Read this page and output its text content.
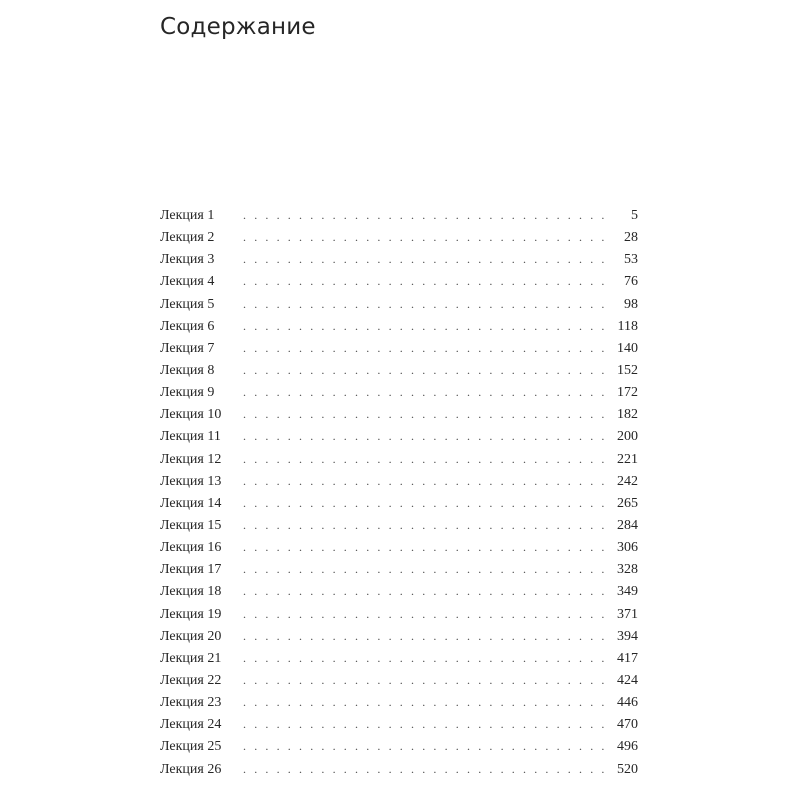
Содержание
Лекция 1 . . .	5
Лекция 2 . . .	28
Лекция 3 . . .	53
Лекция 4 . . .	76
Лекция 5 . . .	98
Лекция 6 . . .	118
Лекция 7 . . .	140
Лекция 8 . . .	152
Лекция 9 . . .	172
Лекция 10 . . .	182
Лекция 11 . . .	200
Лекция 12 . . .	221
Лекция 13 . . .	242
Лекция 14 . . .	265
Лекция 15 . . .	284
Лекция 16 . . .	306
Лекция 17 . . .	328
Лекция 18 . . .	349
Лекция 19 . . .	371
Лекция 20 . . .	394
Лекция 21 . . .	417
Лекция 22 . . .	424
Лекция 23 . . .	446
Лекция 24 . . .	470
Лекция 25 . . .	496
Лекция 26 . . .	520
